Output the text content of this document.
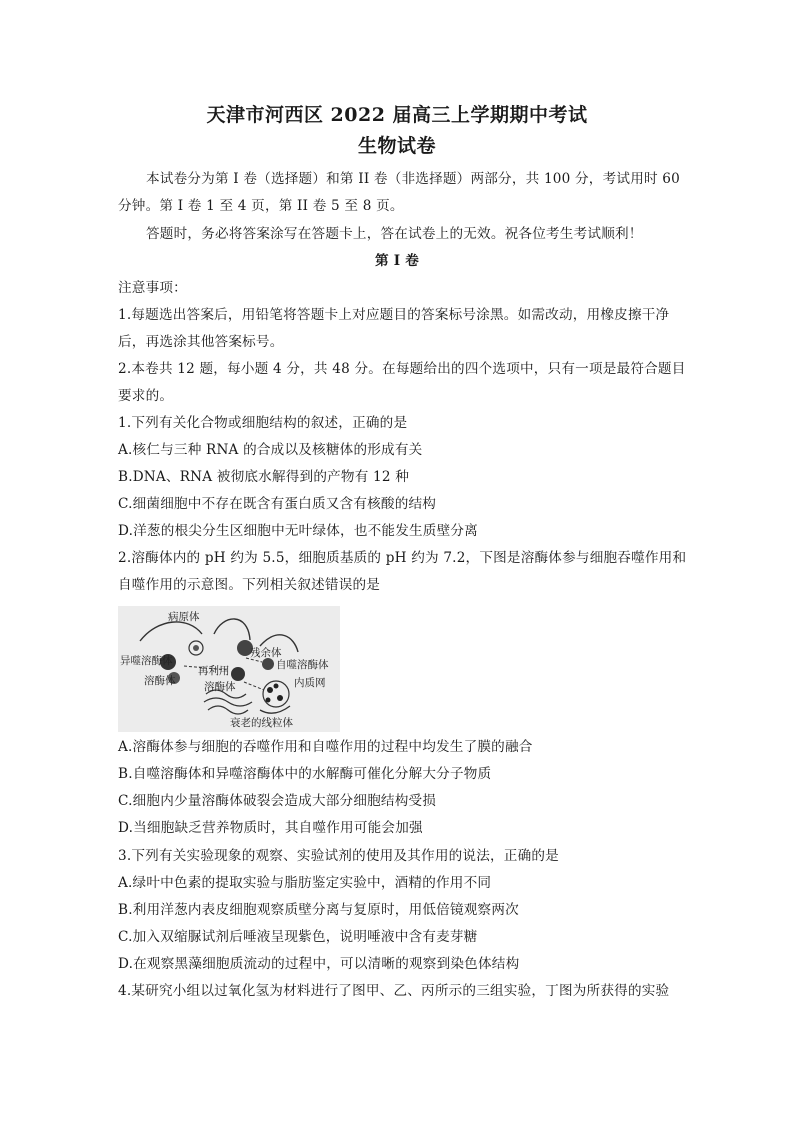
天津市河西区 2022 届高三上学期期中考试
生物试卷
本试卷分为第 I 卷（选择题）和第 II 卷（非选择题）两部分，共 100 分，考试用时 60
分钟。第 I 卷 1 至 4 页，第 II 卷 5 至 8 页。
答题时，务必将答案涂写在答题卡上，答在试卷上的无效。祝各位考生考试顺利！
第 I 卷
注意事项：
1.每题选出答案后，用铅笔将答题卡上对应题目的答案标号涂黑。如需改动，用橡皮擦干净
后，再选涂其他答案标号。
2.本卷共 12 题，每小题 4 分，共 48 分。在每题给出的四个选项中，只有一项是最符合题目
要求的。
1.下列有关化合物或细胞结构的叙述，正确的是
A.核仁与三种 RNA 的合成以及核糖体的形成有关
B.DNA、RNA 被彻底水解得到的产物有 12 种
C.细菌细胞中不存在既含有蛋白质又含有核酸的结构
D.洋葱的根尖分生区细胞中无叶绿体，也不能发生质壁分离
2.溶酶体内的 pH 约为 5.5，细胞质基质的 pH 约为 7.2，下图是溶酶体参与细胞吞噬作用和
自噬作用的示意图。下列相关叙述错误的是
病原体
异噬溶酶体
再利用
残余体
自噬溶酶体
溶酶体	溶酶体	内质网
衰老的线粒体
A.溶酶体参与细胞的吞噬作用和自噬作用的过程中均发生了膜的融合
B.自噬溶酶体和异噬溶酶体中的水解酶可催化分解大分子物质
C.细胞内少量溶酶体破裂会造成大部分细胞结构受损
D.当细胞缺乏营养物质时，其自噬作用可能会加强
3.下列有关实验现象的观察、实验试剂的使用及其作用的说法，正确的是
A.绿叶中色素的提取实验与脂肪鉴定实验中，酒精的作用不同
B.利用洋葱内表皮细胞观察质壁分离与复原时，用低倍镜观察两次
C.加入双缩脲试剂后唾液呈现紫色，说明唾液中含有麦芽糖
D.在观察黑藻细胞质流动的过程中，可以清晰的观察到染色体结构
4.某研究小组以过氧化氢为材料进行了图甲、乙、丙所示的三组实验，丁图为所获得的实验
